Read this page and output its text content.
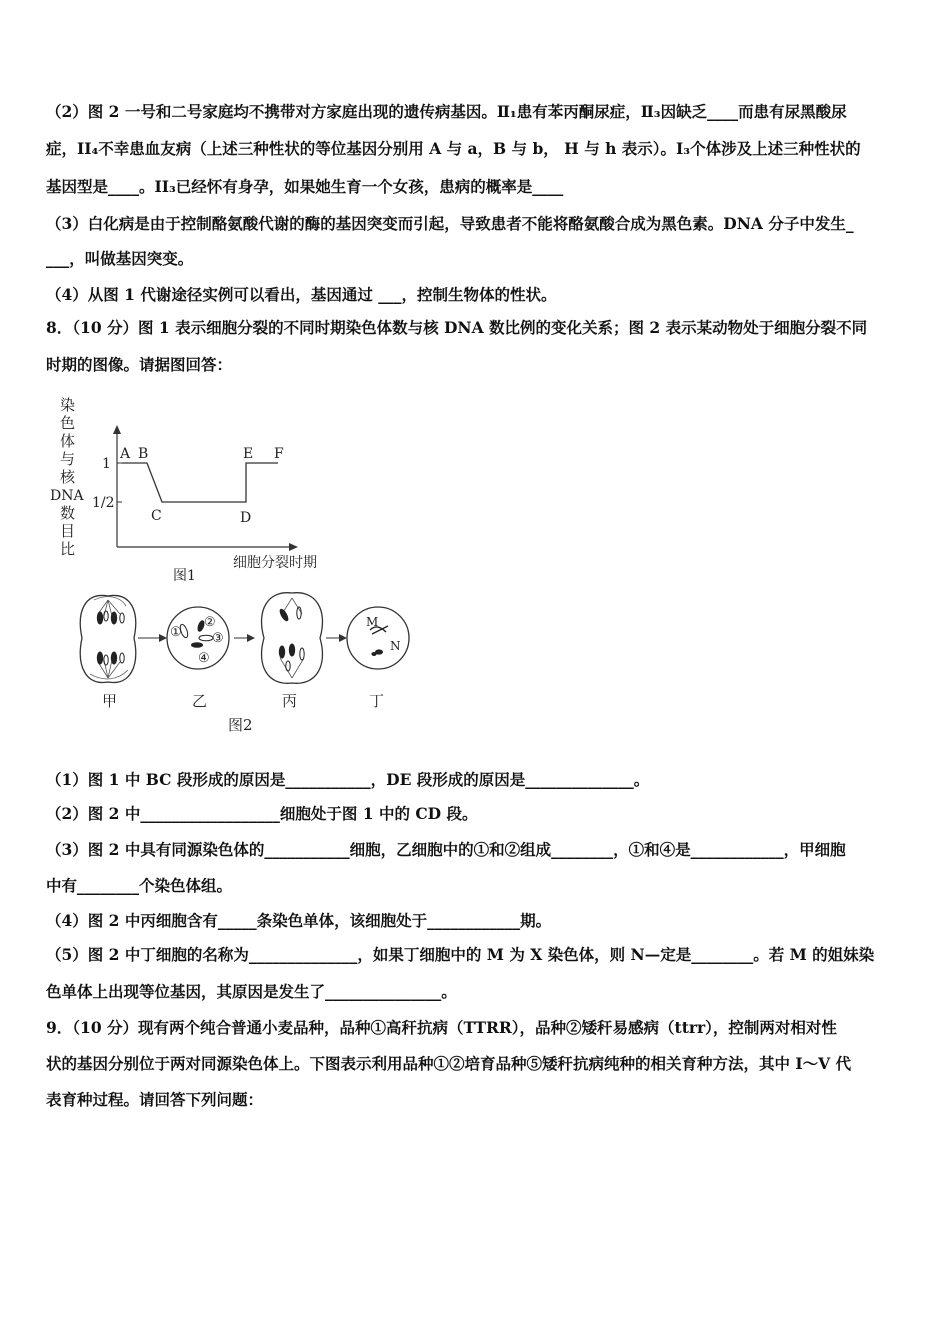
（2）图 2 一号和二号家庭均不携带对方家庭出现的遗传病基因。Ⅱ₁患有苯丙酮尿症，Ⅱ₃因缺乏____而患有尿黑酸尿
症，II₄不幸患血友病（上述三种性状的等位基因分别用 A 与 a，B 与 b， H 与 h 表示）。I₃个体涉及上述三种性状的
基因型是____。II₃已经怀有身孕，如果她生育一个女孩，患病的概率是____
（3）白化病是由于控制酪氨酸代谢的酶的基因突变而引起，导致患者不能将酪氨酸合成为黑色素。DNA 分子中发生_
___，叫做基因突变。
（4）从图 1 代谢途径实例可以看出，基因通过 ___，控制生物体的性状。
8．（10 分）图 1 表示细胞分裂的不同时期染色体数与核 DNA 数比例的变化关系；图 2 表示某动物处于细胞分裂不同
时期的图像。请据图回答：
染
色
体
与
核
DNA
数
目
比
1
1/2
A B
C	D
E F
细胞分裂时期
图1
①
②
③
④
M
N
甲	乙	丙	丁
图2
（1）图 1 中 BC 段形成的原因是___________，DE 段形成的原因是______________。
（2）图 2 中__________________细胞处于图 1 中的 CD 段。
（3）图 2 中具有同源染色体的___________细胞，乙细胞中的①和②组成________，①和④是____________，甲细胞
中有________个染色体组。
（4）图 2 中丙细胞含有_____条染色单体，该细胞处于____________期。
（5）图 2 中丁细胞的名称为______________，如果丁细胞中的 M 为 X 染色体，则 N—定是________。若 M 的姐妹染
色单体上出现等位基因，其原因是发生了_______________。
9．（10 分）现有两个纯合普通小麦品种，品种①高秆抗病（TTRR），品种②矮秆易感病（ttrr），控制两对相对性
状的基因分别位于两对同源染色体上。下图表示利用品种①②培育品种⑤矮秆抗病纯种的相关育种方法，其中 I～V 代
表育种过程。请回答下列问题：
